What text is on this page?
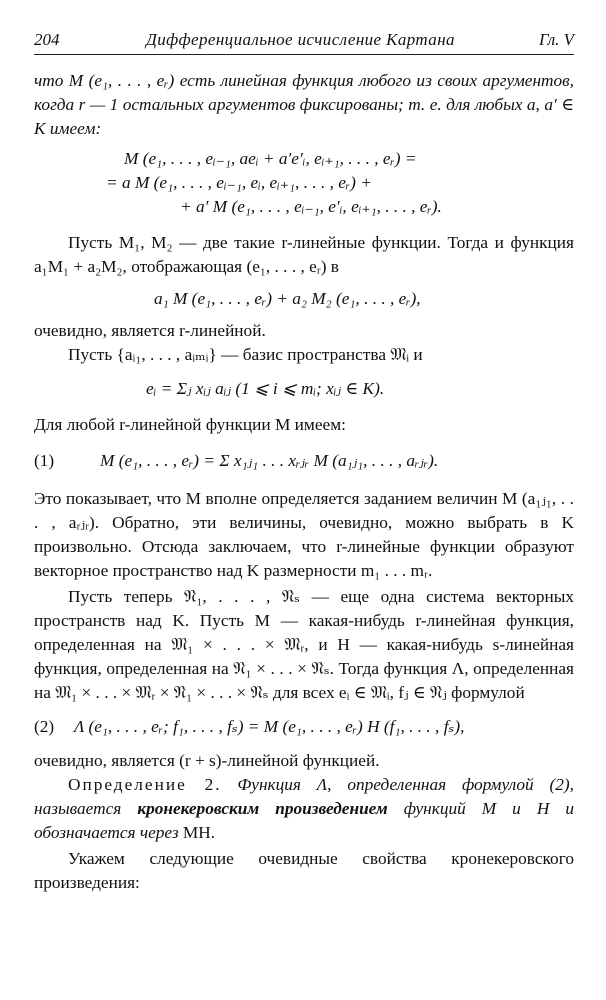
204	Дифференциальное исчисление Картана	Гл. V

что M (e₁, . . . , eᵣ) есть линейная функция любого из своих аргументов, когда r — 1 остальных аргументов фиксированы; т. е. для любых a, a′ ∈ K имеем:

M (e₁, . . . , eᵢ₋₁, aeᵢ + a′e′ᵢ, eᵢ₊₁, . . . , eᵣ) =
= a M (e₁, . . . , eᵢ₋₁, eᵢ, eᵢ₊₁, . . . , eᵣ) +
+ a′ M (e₁, . . . , eᵢ₋₁, e′ᵢ, eᵢ₊₁, . . . , eᵣ).

Пусть M₁, M₂ — две такие r-линейные функции. Тогда и функция a₁M₁ + a₂M₂, отображающая (e₁, . . . , eᵣ) в

a₁ M (e₁, . . . , eᵣ) + a₂ M₂ (e₁, . . . , eᵣ),

очевидно, является r-линейной.

Пусть {aᵢ₁, . . . , aᵢₘᵢ} — базис пространства 𝔐ᵢ и

eᵢ = Σⱼ xᵢⱼ aᵢⱼ (1 ⩽ i ⩽ mᵢ; xᵢⱼ ∈ K).

Для любой r-линейной функции M имеем:

(1)	M (e₁, . . . , eᵣ) = Σ x₁ⱼ₁ . . . xᵣⱼᵣ M (a₁ⱼ₁, . . . , aᵣⱼᵣ).

Это показывает, что M вполне определяется заданием величин M (a₁ⱼ₁, . . . , aᵣⱼᵣ). Обратно, эти величины, очевидно, можно выбрать в K произвольно. Отсюда заключаем, что r-линейные функции образуют векторное пространство над K размерности m₁ . . . mᵣ.

Пусть теперь 𝔑₁, . . . , 𝔑ₛ — еще одна система векторных пространств над K. Пусть M — какая-нибудь r-линейная функция, определенная на 𝔐₁ × . . . × 𝔐ᵣ, и H — какая-нибудь s-линейная функция, определенная на 𝔑₁ × . . . × 𝔑ₛ. Тогда функция Λ, определенная на 𝔐₁ × . . . × 𝔐ᵣ × 𝔑₁ × . . . × 𝔑ₛ для всех eᵢ ∈ 𝔐ᵢ, fⱼ ∈ 𝔑ⱼ формулой

(2) Λ (e₁, . . . , eᵣ; f₁, . . . , fₛ) = M (e₁, . . . , eᵣ) H (f₁, . . . , fₛ),

очевидно, является (r + s)-линейной функцией.

Определение 2. Функция Λ, определенная формулой (2), называется кронекеровским произведением функций M и H и обозначается через MH.

Укажем следующие очевидные свойства кронекеровского произведения:
